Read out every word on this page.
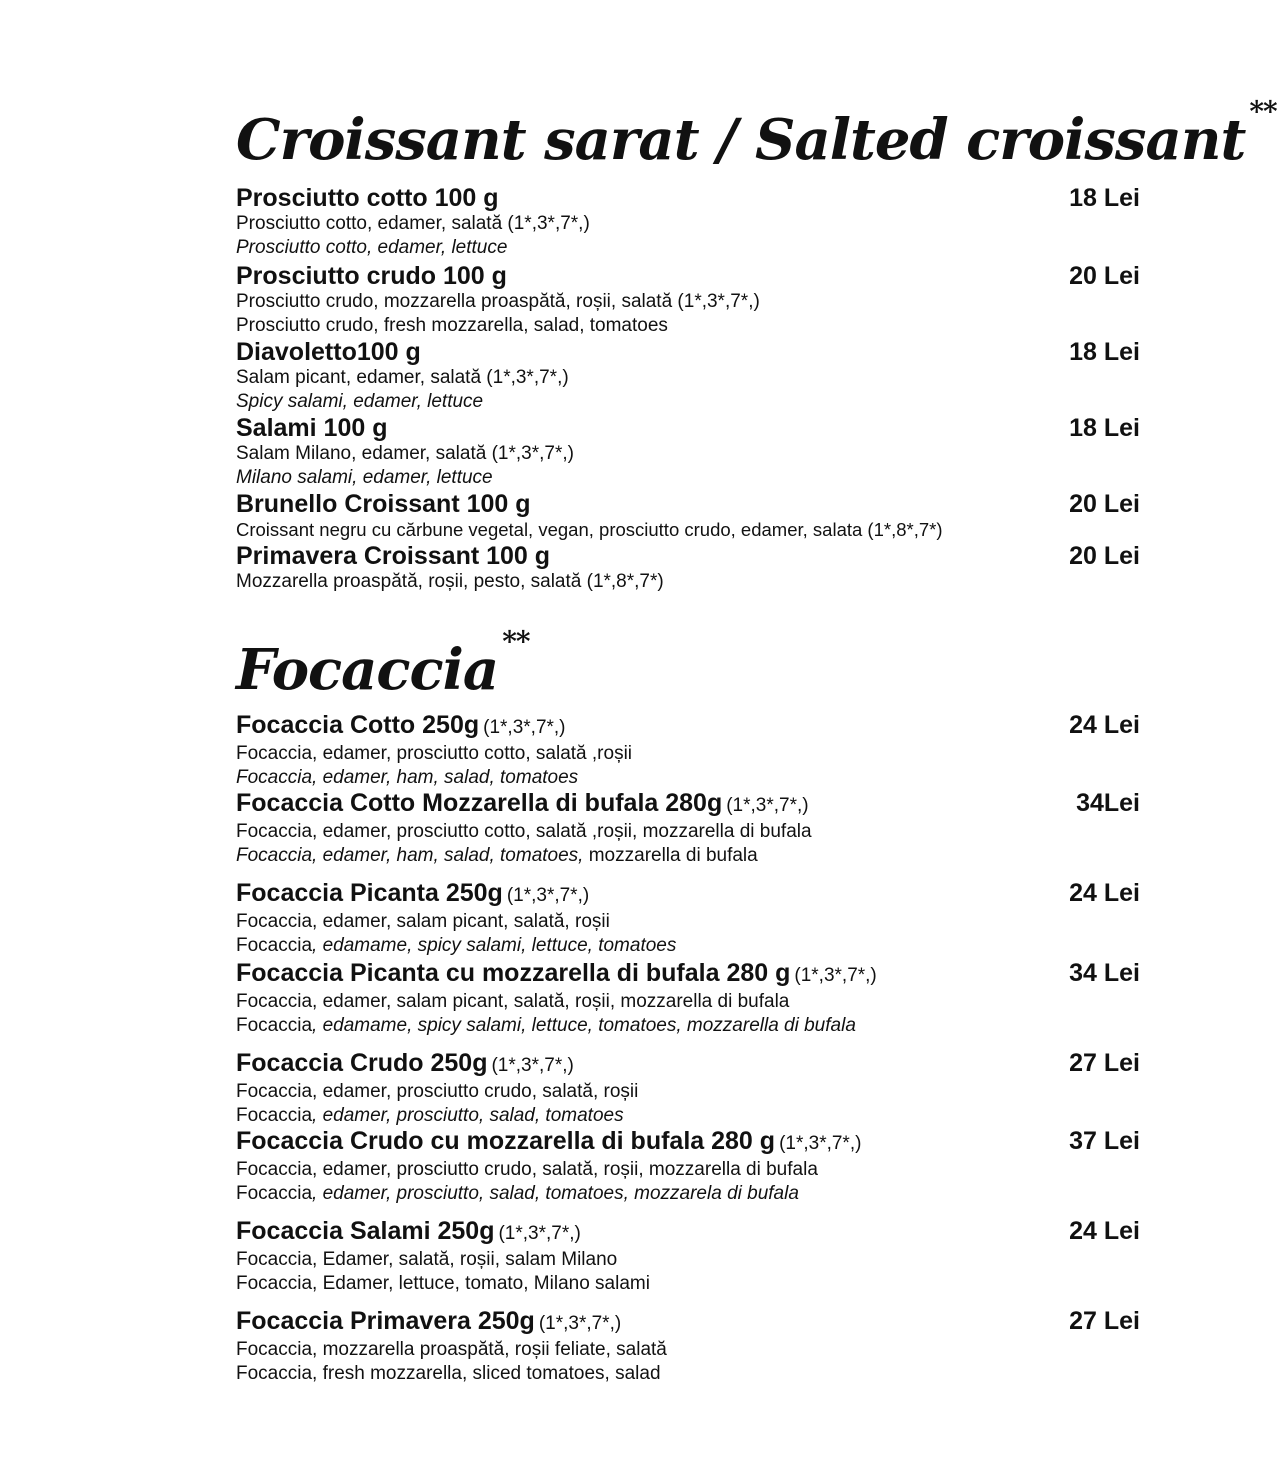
Croissant sarat / Salted croissant **
Prosciutto cotto 100 g	18 Lei
Prosciutto cotto, edamer, salată (1*,3*,7*,)
Prosciutto cotto, edamer, lettuce
Prosciutto crudo 100 g	20 Lei
Prosciutto crudo, mozzarella proaspătă, roșii, salată (1*,3*,7*,)
Prosciutto crudo, fresh mozzarella, salad, tomatoes
Diavoletto100 g	18 Lei
Salam picant, edamer, salată (1*,3*,7*,)
Spicy salami, edamer, lettuce
Salami 100 g	18 Lei
Salam Milano, edamer, salată (1*,3*,7*,)
Milano salami, edamer, lettuce
Brunello Croissant 100 g	20 Lei
Croissant negru cu cărbune vegetal, vegan, prosciutto crudo, edamer, salata (1*,8*,7*)
Primavera Croissant 100 g	20 Lei
Mozzarella proaspătă, roșii, pesto, salată (1*,8*,7*)
Focaccia **
Focaccia Cotto 250g (1*,3*,7*,)	24 Lei
Focaccia, edamer, prosciutto cotto, salată ,roșii
Focaccia, edamer, ham, salad, tomatoes
Focaccia Cotto Mozzarella di bufala 280g (1*,3*,7*,)	34Lei
Focaccia, edamer, prosciutto cotto, salată ,roșii, mozzarella di bufala
Focaccia, edamer, ham, salad, tomatoes, mozzarella di bufala
Focaccia Picanta 250g (1*,3*,7*,)	24 Lei
Focaccia, edamer, salam picant, salată, roșii
Focaccia, edamame, spicy salami, lettuce, tomatoes
Focaccia Picanta cu mozzarella di bufala 280 g (1*,3*,7*,)	34 Lei
Focaccia, edamer, salam picant, salată, roșii, mozzarella di bufala
Focaccia, edamame, spicy salami, lettuce, tomatoes, mozzarella di bufala
Focaccia Crudo 250g (1*,3*,7*,)	27 Lei
Focaccia, edamer, prosciutto crudo, salată, roșii
Focaccia, edamer, prosciutto, salad, tomatoes
Focaccia Crudo cu mozzarella di bufala 280 g (1*,3*,7*,)	37 Lei
Focaccia, edamer, prosciutto crudo, salată, roșii, mozzarella di bufala
Focaccia, edamer, prosciutto, salad, tomatoes, mozzarela di bufala
Focaccia Salami 250g (1*,3*,7*,)	24 Lei
Focaccia, Edamer, salată, roșii, salam Milano
Focaccia, Edamer, lettuce, tomato, Milano salami
Focaccia Primavera 250g (1*,3*,7*,)	27 Lei
Focaccia, mozzarella proaspătă, roșii feliate, salată
Focaccia, fresh mozzarella, sliced tomatoes, salad
